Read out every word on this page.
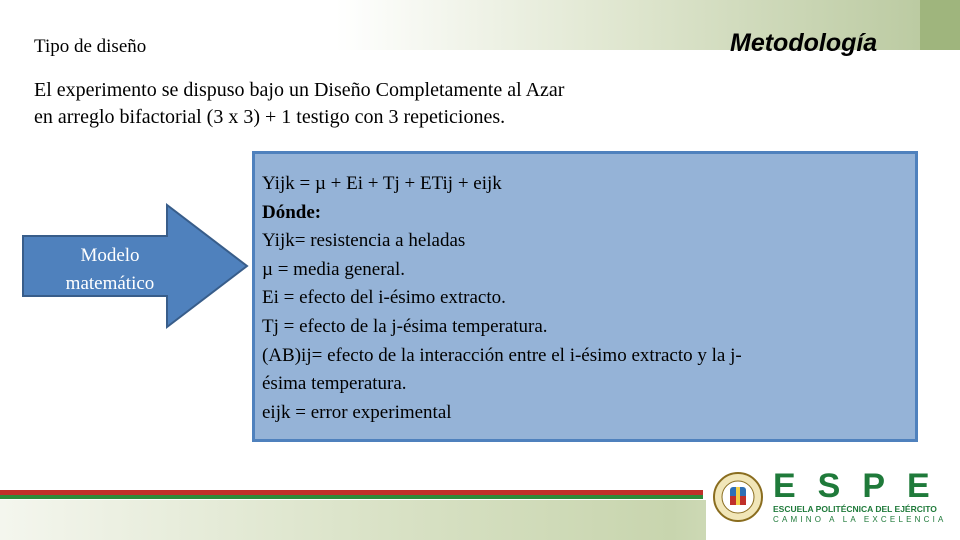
Tipo de diseño	Metodología
El experimento se dispuso bajo un Diseño Completamente al Azar
en arreglo bifactorial (3 x 3) + 1 testigo con 3 repeticiones.
Modelo
matemático
Yijk = µ + Ei + Tj + ETij + eijk
Dónde:
Yijk= resistencia a heladas
µ = media general.
Ei = efecto del i-ésimo extracto.
Tj = efecto de la j-ésima temperatura.
(AB)ij= efecto de la interacción entre el i-ésimo extracto y la j-
ésima temperatura.
eijk = error experimental
ESPE
ESCUELA POLITÉCNICA DEL EJÉRCITO
CAMINO A LA EXCELENCIA
